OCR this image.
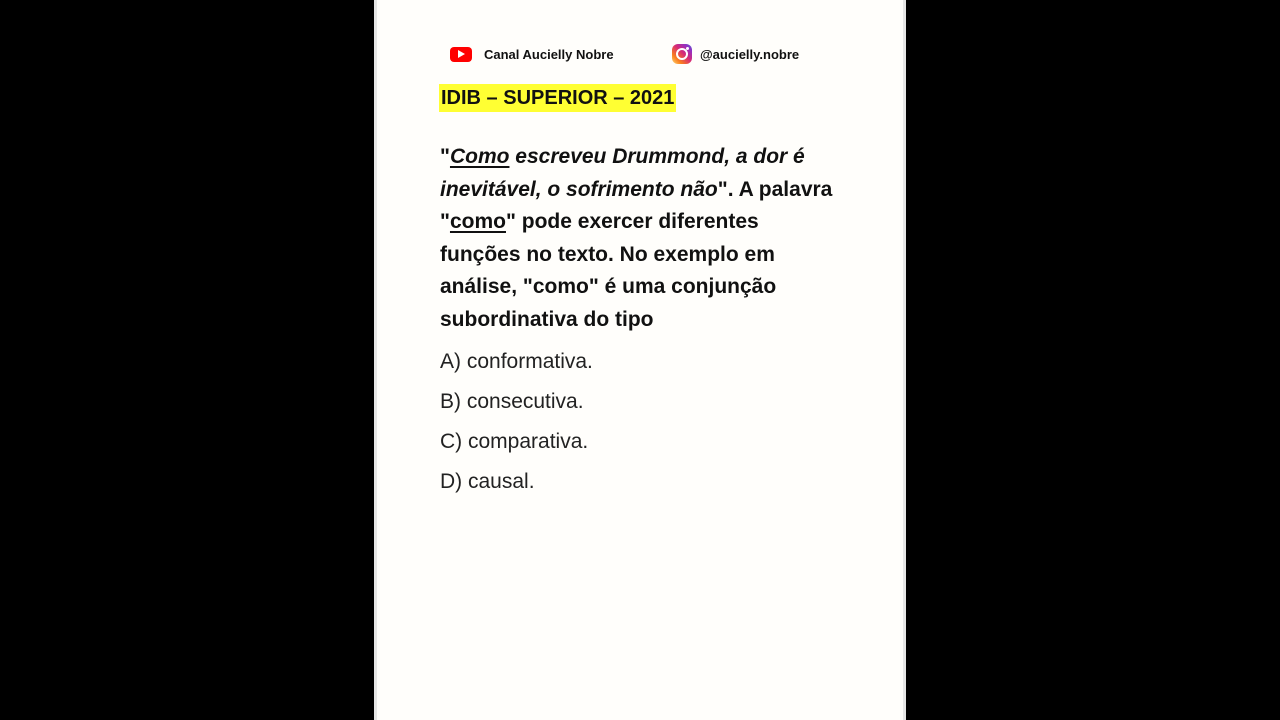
Canal Aucielly Nobre	@aucielly.nobre
IDIB – SUPERIOR – 2021
"Como escreveu Drummond, a dor é inevitável, o sofrimento não". A palavra "como" pode exercer diferentes funções no texto. No exemplo em análise, "como" é uma conjunção subordinativa do tipo
A) conformativa.
B) consecutiva.
C) comparativa.
D) causal.
